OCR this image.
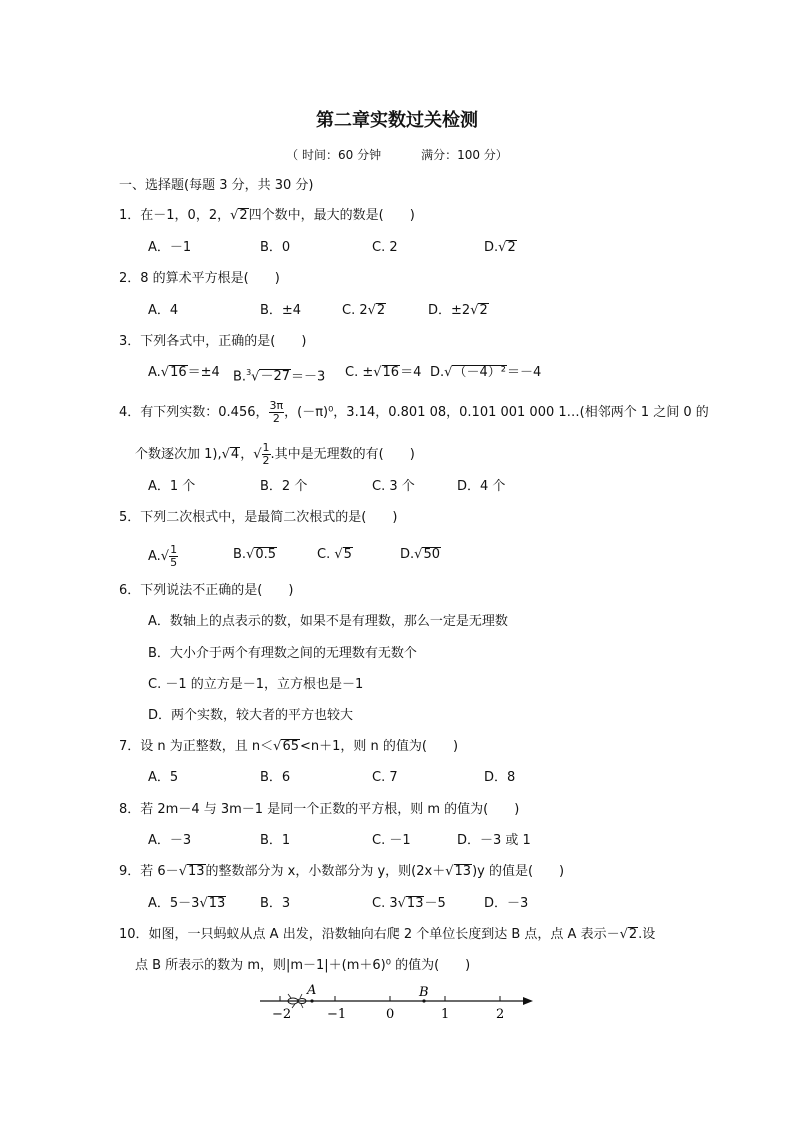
第二章实数过关检测
（ 时间：60 分钟	满分：100 分）
一、选择题(每题 3 分，共 30 分)
1．在－1，0，2，√2四个数中，最大的数是(　　)
A．－1	B．0	C. 2	D.√2
2．8 的算术平方根是(　　)
A．4	B．±4	C. 2√2	D．±2√2
3．下列各式中，正确的是(　　)
A.√16＝±4 B.$^3$√－27＝－3 C. ±√16＝4 D.√（－4）²＝－4
4．有下列实数：0.456， $\frac{3\pi}{2}$ ，(－π)⁰，3.14，0.801 08，0.101 001 000 1…(相邻两个 1 之间 0 的
个数逐次加 1),√4，√ $\frac{1}{2}$ .其中是无理数的有(　　)
A．1 个	B．2 个	C. 3 个	D．4 个
5．下列二次根式中，是最简二次根式的是(　　)
$A.√ \frac{1}{5}$	B.√0.5	C. √5	D.√50
6．下列说法不正确的是(　　)
A．数轴上的点表示的数，如果不是有理数，那么一定是无理数
B．大小介于两个有理数之间的无理数有无数个
C. －1 的立方是－1，立方根也是－1
D．两个实数，较大者的平方也较大
7．设 n 为正整数，且 n＜√65<n＋1，则 n 的值为(　　)
A．5	B．6	C. 7	D．8
8．若 2m－4 与 3m－1 是同一个正数的平方根，则 m 的值为(　　)
A．－3	B．1	C. －1	D．－3 或 1
9．若 6－√13的整数部分为 x，小数部分为 y，则(2x＋√13)y 的值是(　　)
A．5－3√13	B．3	C. 3√13－5	D．－3
10．如图，一只蚂蚁从点 A 出发，沿数轴向右爬 2 个单位长度到达 B 点，点 A 表示－√2.设
点 B 所表示的数为 m，则|m－1|＋(m＋6)⁰ 的值为(　　)
A	B
−2	−1	0	1	2
